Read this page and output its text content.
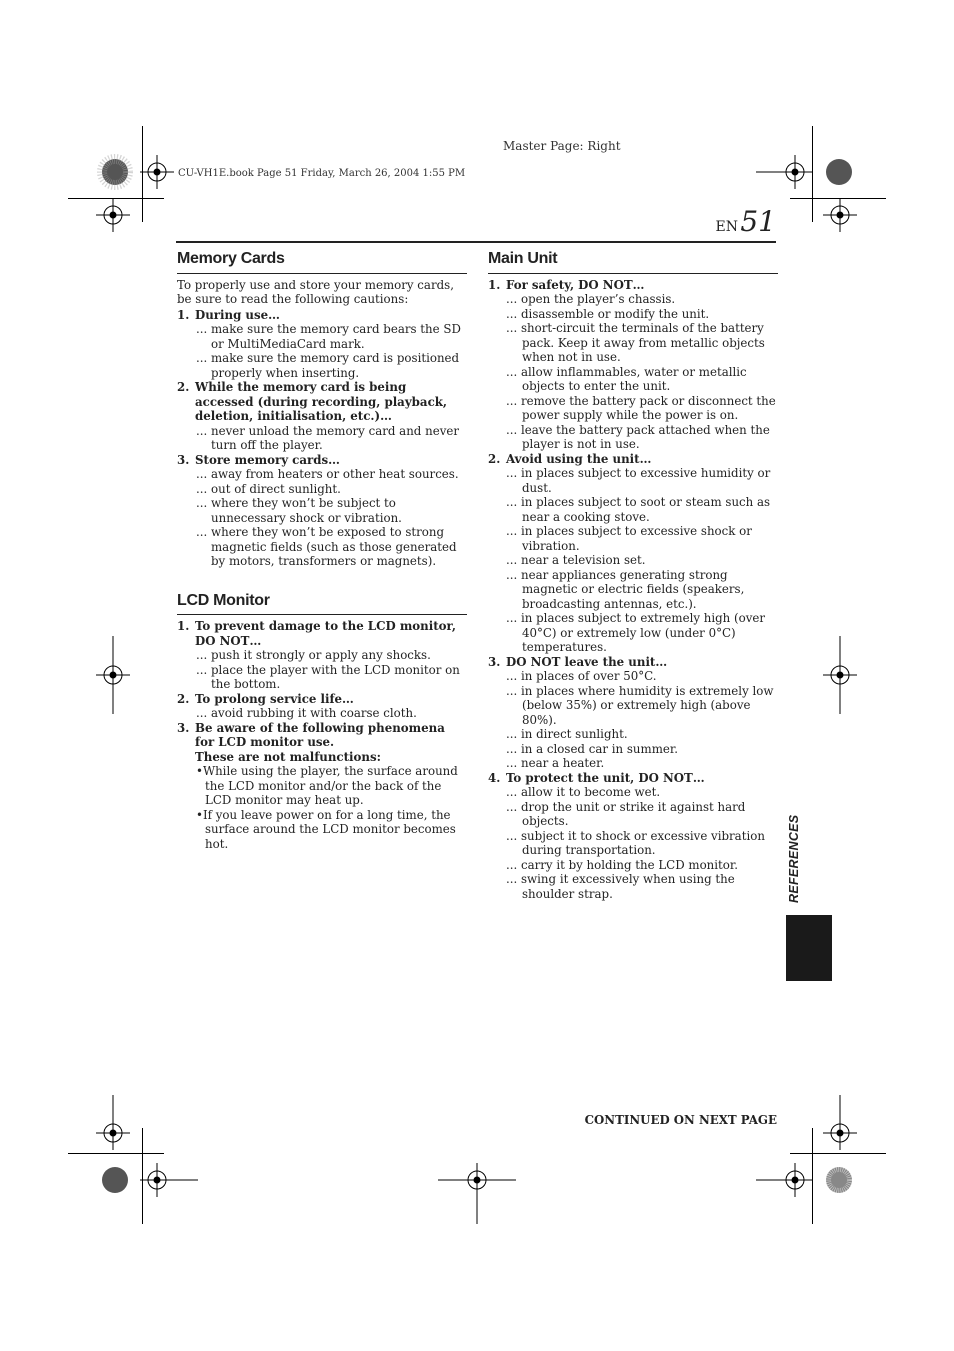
Master Page: Right
CU-VH1E.book Page 51 Friday, March 26, 2004 1:55 PM
EN 51
Memory Cards
To properly use and store your memory cards, be sure to read the following cautions:
1. During use…
... make sure the memory card bears the SD or MultiMediaCard mark.
... make sure the memory card is positioned properly when inserting.
2. While the memory card is being accessed (during recording, playback, deletion, initialisation, etc.)…
... never unload the memory card and never turn off the player.
3. Store memory cards…
... away from heaters or other heat sources.
... out of direct sunlight.
... where they won’t be subject to unnecessary shock or vibration.
... where they won’t be exposed to strong magnetic fields (such as those generated by motors, transformers or magnets).
LCD Monitor
1. To prevent damage to the LCD monitor, DO NOT…
... push it strongly or apply any shocks.
... place the player with the LCD monitor on the bottom.
2. To prolong service life…
... avoid rubbing it with coarse cloth.
3. Be aware of the following phenomena for LCD monitor use.
These are not malfunctions:
•While using the player, the surface around the LCD monitor and/or the back of the LCD monitor may heat up.
•If you leave power on for a long time, the surface around the LCD monitor becomes hot.
Main Unit
1. For safety, DO NOT…
... open the player’s chassis.
... disassemble or modify the unit.
... short-circuit the terminals of the battery pack. Keep it away from metallic objects when not in use.
... allow inflammables, water or metallic objects to enter the unit.
... remove the battery pack or disconnect the power supply while the power is on.
... leave the battery pack attached when the player is not in use.
2. Avoid using the unit…
... in places subject to excessive humidity or dust.
... in places subject to soot or steam such as near a cooking stove.
... in places subject to excessive shock or vibration.
... near a television set.
... near appliances generating strong magnetic or electric fields (speakers, broadcasting antennas, etc.).
... in places subject to extremely high (over 40°C) or extremely low (under 0°C) temperatures.
3. DO NOT leave the unit…
... in places of over 50°C.
... in places where humidity is extremely low (below 35%) or extremely high (above 80%).
... in direct sunlight.
... in a closed car in summer.
... near a heater.
4. To protect the unit, DO NOT…
... allow it to become wet.
... drop the unit or strike it against hard objects.
... subject it to shock or excessive vibration during transportation.
... carry it by holding the LCD monitor.
... swing it excessively when using the shoulder strap.	REFERENCES
CONTINUED ON NEXT PAGE
